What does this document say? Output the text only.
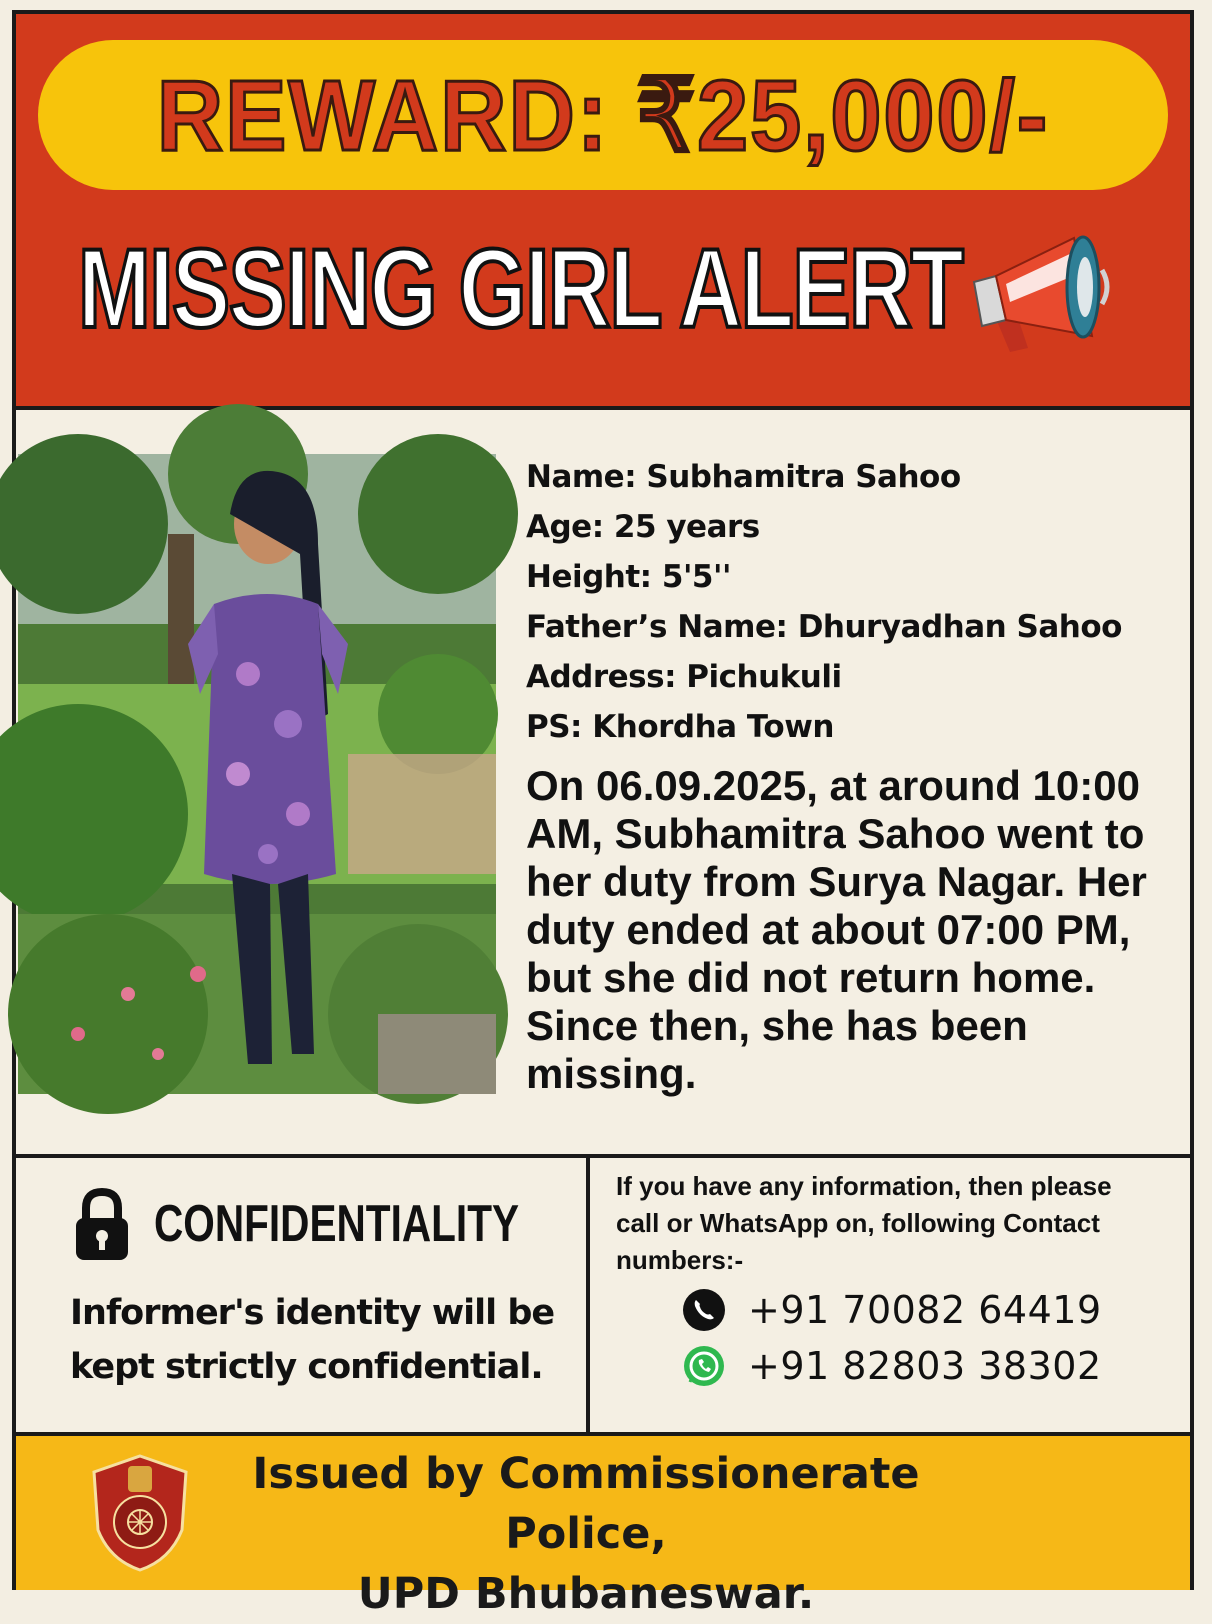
REWARD: ₹25,000/-
MISSING GIRL ALERT
Name: Subhamitra Sahoo
Age: 25 years
Height: 5'5''
Father’s Name: Dhuryadhan Sahoo
Address: Pichukuli
PS: Khordha Town
On 06.09.2025, at around 10:00 AM, Subhamitra Sahoo went to her duty from Surya Nagar. Her duty ended at about 07:00 PM, but she did not return home. Since then, she has been missing.
CONFIDENTIALITY
Informer's identity will be kept strictly confidential.
If you have any information, then please call or WhatsApp on, following Contact numbers:-
+91 70082 64419
+91 82803 38302
Issued by Commissionerate Police,
UPD Bhubaneswar.
